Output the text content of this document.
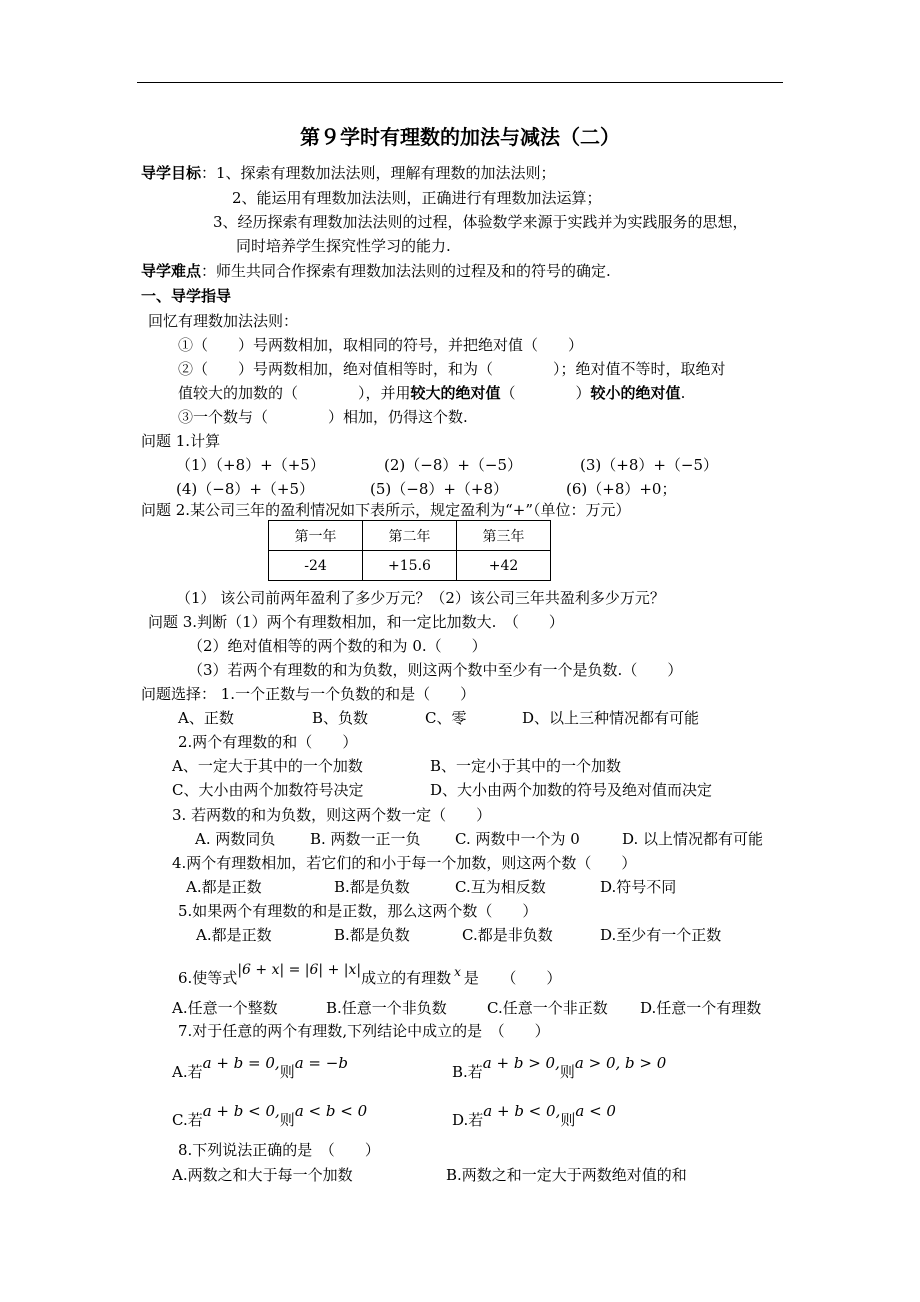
第９学时有理数的加法与减法（二）
导学目标：1、探索有理数加法法则，理解有理数的加法法则；
2、能运用有理数加法法则，正确进行有理数加法运算；
3、经历探索有理数加法法则的过程，体验数学来源于实践并为实践服务的思想，
同时培养学生探究性学习的能力.
导学难点：师生共同合作探索有理数加法法则的过程及和的符号的确定.
一、导学指导
回忆有理数加法法则：
①（　　）号两数相加，取相同的符号，并把绝对值（　　）
②（　　）号两数相加，绝对值相等时，和为（　　　　）；绝对值不等时，取绝对
值较大的加数的（　　　　），并用较大的绝对值（　　　　）较小的绝对值.
③一个数与（　　　　）相加，仍得这个数.
问题 1.计算
（1）（+8）+（+5）	(2)（−8）+（−5）	(3)（+8）+（−5）
(4)（−8）+（+5）	(5)（−8）+（+8）	(6)（+8）+0；
问题 2.某公司三年的盈利情况如下表所示，规定盈利为“+”（单位：万元）
第一年	第二年	第三年
-24	+15.6	+42
（1） 该公司前两年盈利了多少万元？（2）该公司三年共盈利多少万元？
问题 3.判断（1）两个有理数相加，和一定比加数大.　（　　）
（2）绝对值相等的两个数的和为 0.（　　）
（3）若两个有理数的和为负数，则这两个数中至少有一个是负数.（　　）
问题选择： 1.一个正数与一个负数的和是（　　）
A、正数	B、负数	C、零	D、以上三种情况都有可能
2.两个有理数的和（　　）
A、一定大于其中的一个加数	B、一定小于其中的一个加数
C、大小由两个加数符号决定	D、大小由两个加数的符号及绝对值而决定
3. 若两数的和为负数，则这两个数一定（　　）
A. 两数同负 B. 两数一正一负 C. 两数中一个为 0	D. 以上情况都有可能
4.两个有理数相加，若它们的和小于每一个加数，则这两个数（　　）
A.都是正数	B.都是负数	C.互为相反数	D.符号不同
5.如果两个有理数的和是正数，那么这两个数（　　）
A.都是正数	B.都是负数	C.都是非负数	D.至少有一个正数
6.使等式|6 + x| = |6| + |x|成立的有理数 $^x$ 是　　（　　）
A.任意一个整数	B.任意一个非负数	C.任意一个非正数 D.任意一个有理数
7.对于任意的两个有理数,下列结论中成立的是　（　　）
A.若a + b = 0,则a = −b	B.若a + b > 0,则a > 0, b > 0
C.若a + b < 0,则a < b < 0	D.若a + b < 0,则a < 0
8.下列说法正确的是　（　　）
A.两数之和大于每一个加数	B.两数之和一定大于两数绝对值的和
